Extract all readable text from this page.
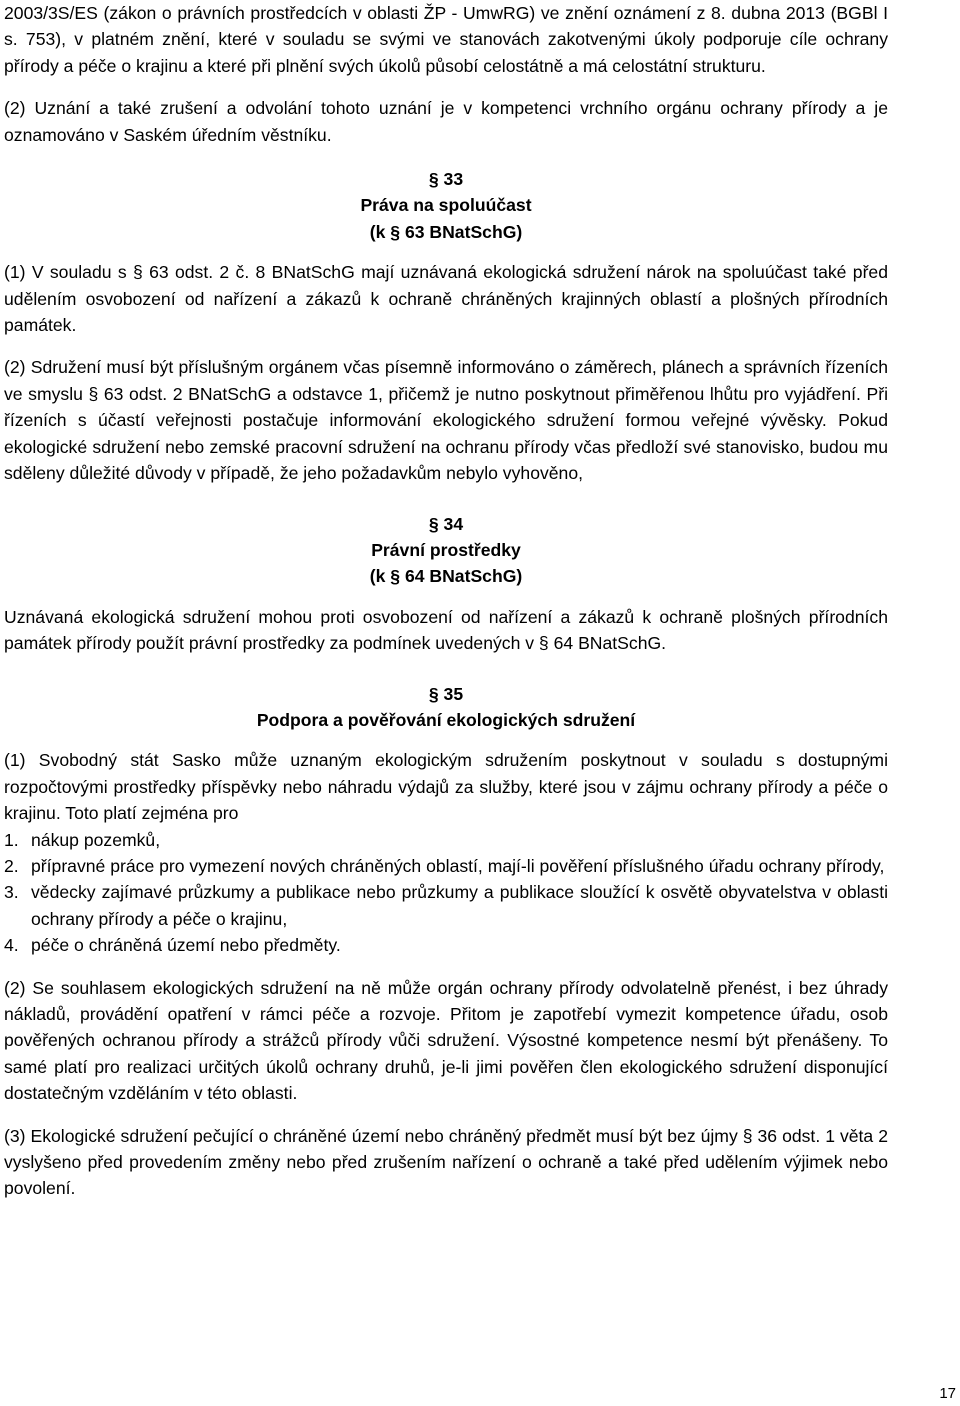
2003/3S/ES (zákon o právních prostředcích v oblasti ŽP - UmwRG) ve znění oznámení z 8. dubna 2013 (BGBl I s. 753), v platném znění, které v souladu se svými ve stanovách zakotvenými úkoly podporuje cíle ochrany přírody a péče o krajinu a které při plnění svých úkolů působí celostátně a má celostátní strukturu.

(2) Uznání a také zrušení a odvolání tohoto uznání je v kompetenci vrchního orgánu ochrany přírody a je oznamováno v Saském úředním věstníku.

§ 33

Práva na spoluúčast

(k § 63 BNatSchG)

(1) V souladu s § 63 odst. 2 č. 8 BNatSchG mají uznávaná ekologická sdružení nárok na spoluúčast také před udělením osvobození od nařízení a zákazů k ochraně chráněných krajinných oblastí a plošných přírodních památek.

(2) Sdružení musí být příslušným orgánem včas písemně informováno o záměrech, plánech a správních řízeních ve smyslu § 63 odst. 2 BNatSchG a odstavce 1, přičemž je nutno poskytnout přiměřenou lhůtu pro vyjádření. Při řízeních s účastí veřejnosti postačuje informování ekologického sdružení formou veřejné vývěsky. Pokud ekologické sdružení nebo zemské pracovní sdružení na ochranu přírody včas předloží své stanovisko, budou mu sděleny důležité důvody v případě, že jeho požadavkům nebylo vyhověno,

§ 34

Právní prostředky

(k § 64 BNatSchG)

Uznávaná ekologická sdružení mohou proti osvobození od nařízení a zákazů k ochraně plošných přírodních památek přírody použít právní prostředky za podmínek uvedených v § 64 BNatSchG.

§ 35

Podpora a pověřování ekologických sdružení

(1) Svobodný stát Sasko může uznaným ekologickým sdružením poskytnout v souladu s dostupnými rozpočtovými prostředky příspěvky nebo náhradu výdajů za služby, které jsou v zájmu ochrany přírody a péče o krajinu. Toto platí zejména pro

1. nákup pozemků,
2. přípravné práce pro vymezení nových chráněných oblastí, mají-li pověření příslušného úřadu ochrany přírody,
3. vědecky zajímavé průzkumy a publikace nebo průzkumy a publikace sloužící k osvětě obyvatelstva v oblasti ochrany přírody a péče o krajinu,
4. péče o chráněná území nebo předměty.

(2) Se souhlasem ekologických sdružení na ně může orgán ochrany přírody odvolatelně přenést, i bez úhrady nákladů, provádění opatření v rámci péče a rozvoje. Přitom je zapotřebí vymezit kompetence úřadu, osob pověřených ochranou přírody a strážců přírody vůči sdružení. Výsostné kompetence nesmí být přenášeny. To samé platí pro realizaci určitých úkolů ochrany druhů, je-li jimi pověřen člen ekologického sdružení disponující dostatečným vzděláním v této oblasti.

(3) Ekologické sdružení pečující o chráněné území nebo chráněný předmět musí být bez újmy § 36 odst. 1 věta 2 vyslyšeno před provedením změny nebo před zrušením nařízení o ochraně a také před udělením výjimek nebo povolení.

17
